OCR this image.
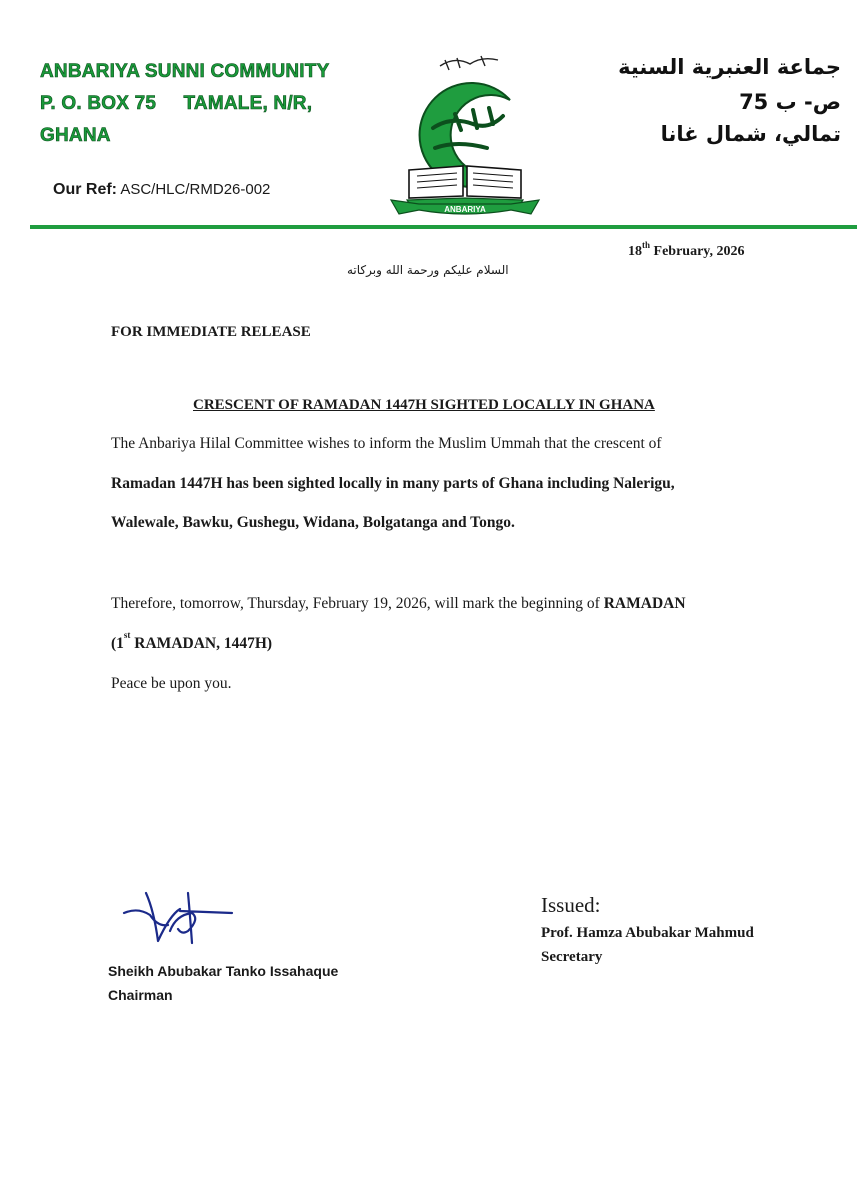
ANBARIYA SUNNI COMMUNITY
P. O. BOX 75     TAMALE, N/R,
GHANA
جماعة العنبرية السنية
ص- ب 75
تمالي، شمال غانا
ANBARIYA
Our Ref: ASC/HLC/RMD26-002
18th February, 2026
السلام عليكم ورحمة الله وبركاته
FOR IMMEDIATE RELEASE
CRESCENT OF RAMADAN 1447H SIGHTED LOCALLY IN GHANA
The Anbariya Hilal Committee wishes to inform the Muslim Ummah that the crescent of
Ramadan 1447H has been sighted locally in many parts of Ghana including Nalerigu,
Walewale, Bawku, Gushegu, Widana, Bolgatanga and Tongo.
Therefore, tomorrow, Thursday, February 19, 2026, will mark the beginning of RAMADAN
(1st RAMADAN, 1447H)
Peace be upon you.
Sheikh Abubakar Tanko Issahaque
Chairman
Issued:
Prof. Hamza Abubakar Mahmud
Secretary
